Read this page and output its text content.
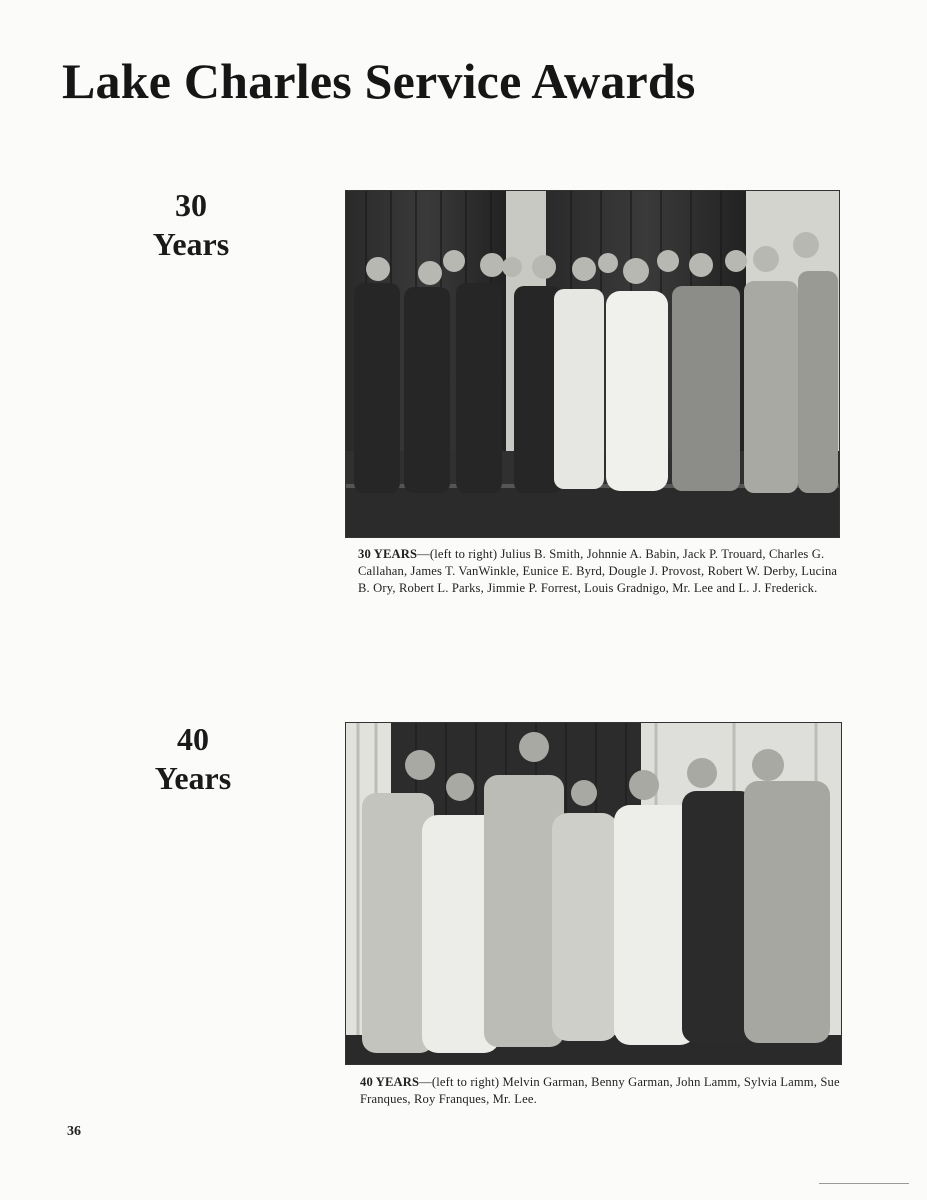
Lake Charles Service Awards
30
Years

30 YEARS—(left to right) Julius B. Smith, Johnnie A. Babin, Jack P. Trouard, Charles G. Callahan, James T. VanWinkle, Eunice E. Byrd, Dougle J. Provost, Robert W. Derby, Lucina B. Ory, Robert L. Parks, Jimmie P. Forrest, Louis Gradnigo, Mr. Lee and L. J. Frederick.

40
Years

40 YEARS—(left to right) Melvin Garman, Benny Garman, John Lamm, Sylvia Lamm, Sue Franques, Roy Franques, Mr. Lee.

36
